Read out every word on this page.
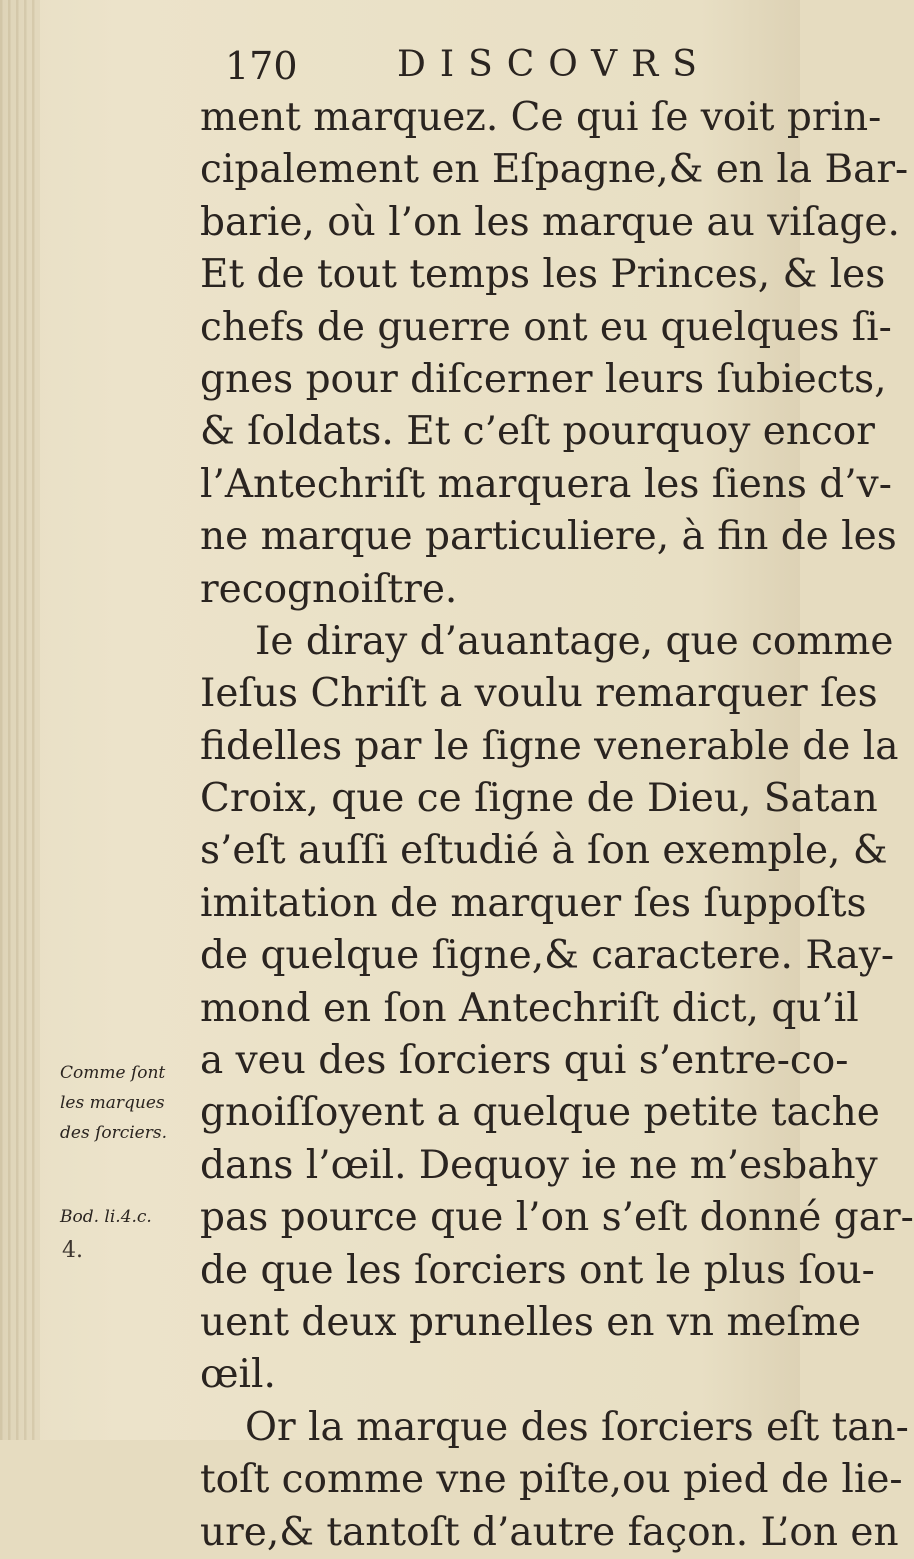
170	DISCOVRS
ment marquez. Ce qui ſe voit prin-
cipalement en Eſpagne,& en la Bar-
barie, où l’on les marque au viſage.
Et de tout temps les Princes, & les
chefs de guerre ont eu quelques ſi-
gnes pour diſcerner leurs ſubiects,
& ſoldats. Et c’eſt pourquoy encor
l’Antechriſt marquera les ſiens d’v-
ne marque particuliere, à fin de les
recognoiſtre.
Ie diray d’auantage, que comme
Ieſus Chriſt a voulu remarquer ſes
fidelles par le ſigne venerable de la
Croix, que ce ſigne de Dieu, Satan
s’eſt auſſi eſtudié à ſon exemple, &
imitation de marquer ſes ſuppoſts
de quelque ſigne,& caractere. Ray-
mond en ſon Antechriſt dict, qu’il
a veu des ſorciers qui s’entre-co-
gnoiſſoyent a quelque petite tache
dans l’œil. Dequoy ie ne m’esbahy
pas pource que l’on s’eſt donné gar-
de que les ſorciers ont le plus ſou-
uent deux prunelles en vn meſme
œil.
Or la marque des ſorciers eſt tan-
toſt comme vne piſte,ou pied de lie-
ure,& tantoſt d’autre façon. L’on en
Comme ſont
les marques
des ſorciers.
Bod. li.4.c.
4.
